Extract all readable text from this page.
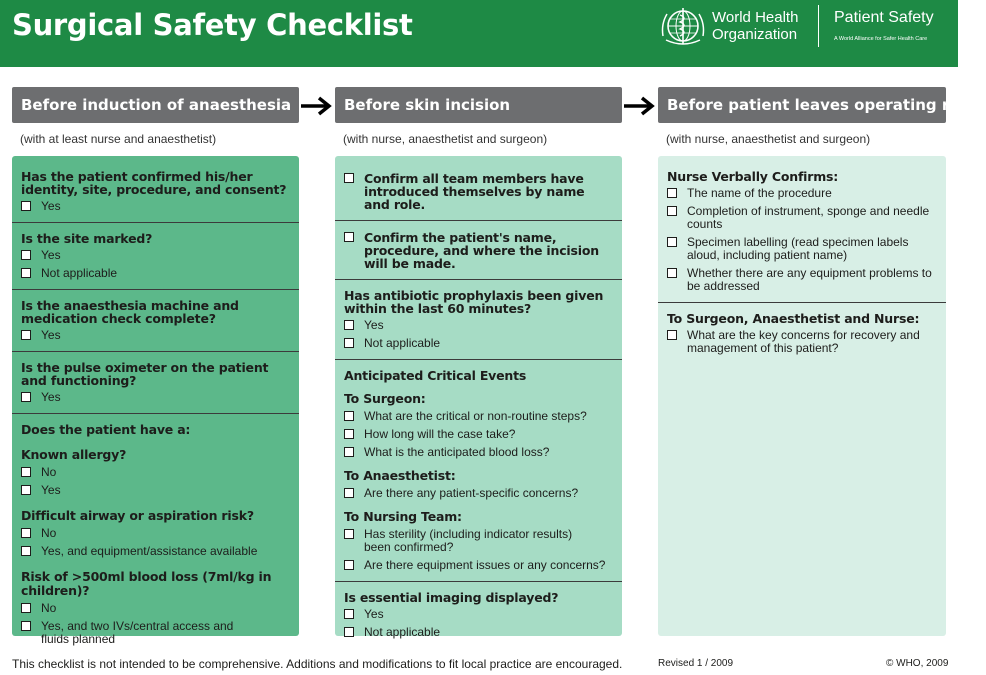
Surgical Safety Checklist	World Health
Organization
Patient Safety
A World Alliance for Safer Health Care
Before induction of anaesthesia	Before skin incision	Before patient leaves operating room
(with at least nurse and anaesthetist)	(with nurse, anaesthetist and surgeon)	(with nurse, anaesthetist and surgeon)
Has the patient confirmed his/her identity, site, procedure, and consent?
Yes
Is the site marked?
Yes
Not applicable
Is the anaesthesia machine and medication check complete?
Yes
Is the pulse oximeter on the patient and functioning?
Yes
Does the patient have a:
Known allergy?
No
Yes
Difficult airway or aspiration risk?
No
Yes, and equipment/assistance available
Risk of >500ml blood loss (7ml/kg in children)?
No
Yes, and two IVs/central access and fluids planned
Confirm all team members have introduced themselves by name and role.
Confirm the patient's name, procedure, and where the incision will be made.
Has antibiotic prophylaxis been given within the last 60 minutes?
Yes
Not applicable
Anticipated Critical Events
To Surgeon:
What are the critical or non-routine steps?
How long will the case take?
What is the anticipated blood loss?
To Anaesthetist:
Are there any patient-specific concerns?
To Nursing Team:
Has sterility (including indicator results) been confirmed?
Are there equipment issues or any concerns?
Is essential imaging displayed?
Yes
Not applicable
Nurse Verbally Confirms:
The name of the procedure
Completion of instrument, sponge and needle counts
Specimen labelling (read specimen labels aloud, including patient name)
Whether there are any equipment problems to be addressed
To Surgeon, Anaesthetist and Nurse:
What are the key concerns for recovery and management of this patient?
This checklist is not intended to be comprehensive. Additions and modifications to fit local practice are encouraged.	Revised 1 / 2009	© WHO, 2009
